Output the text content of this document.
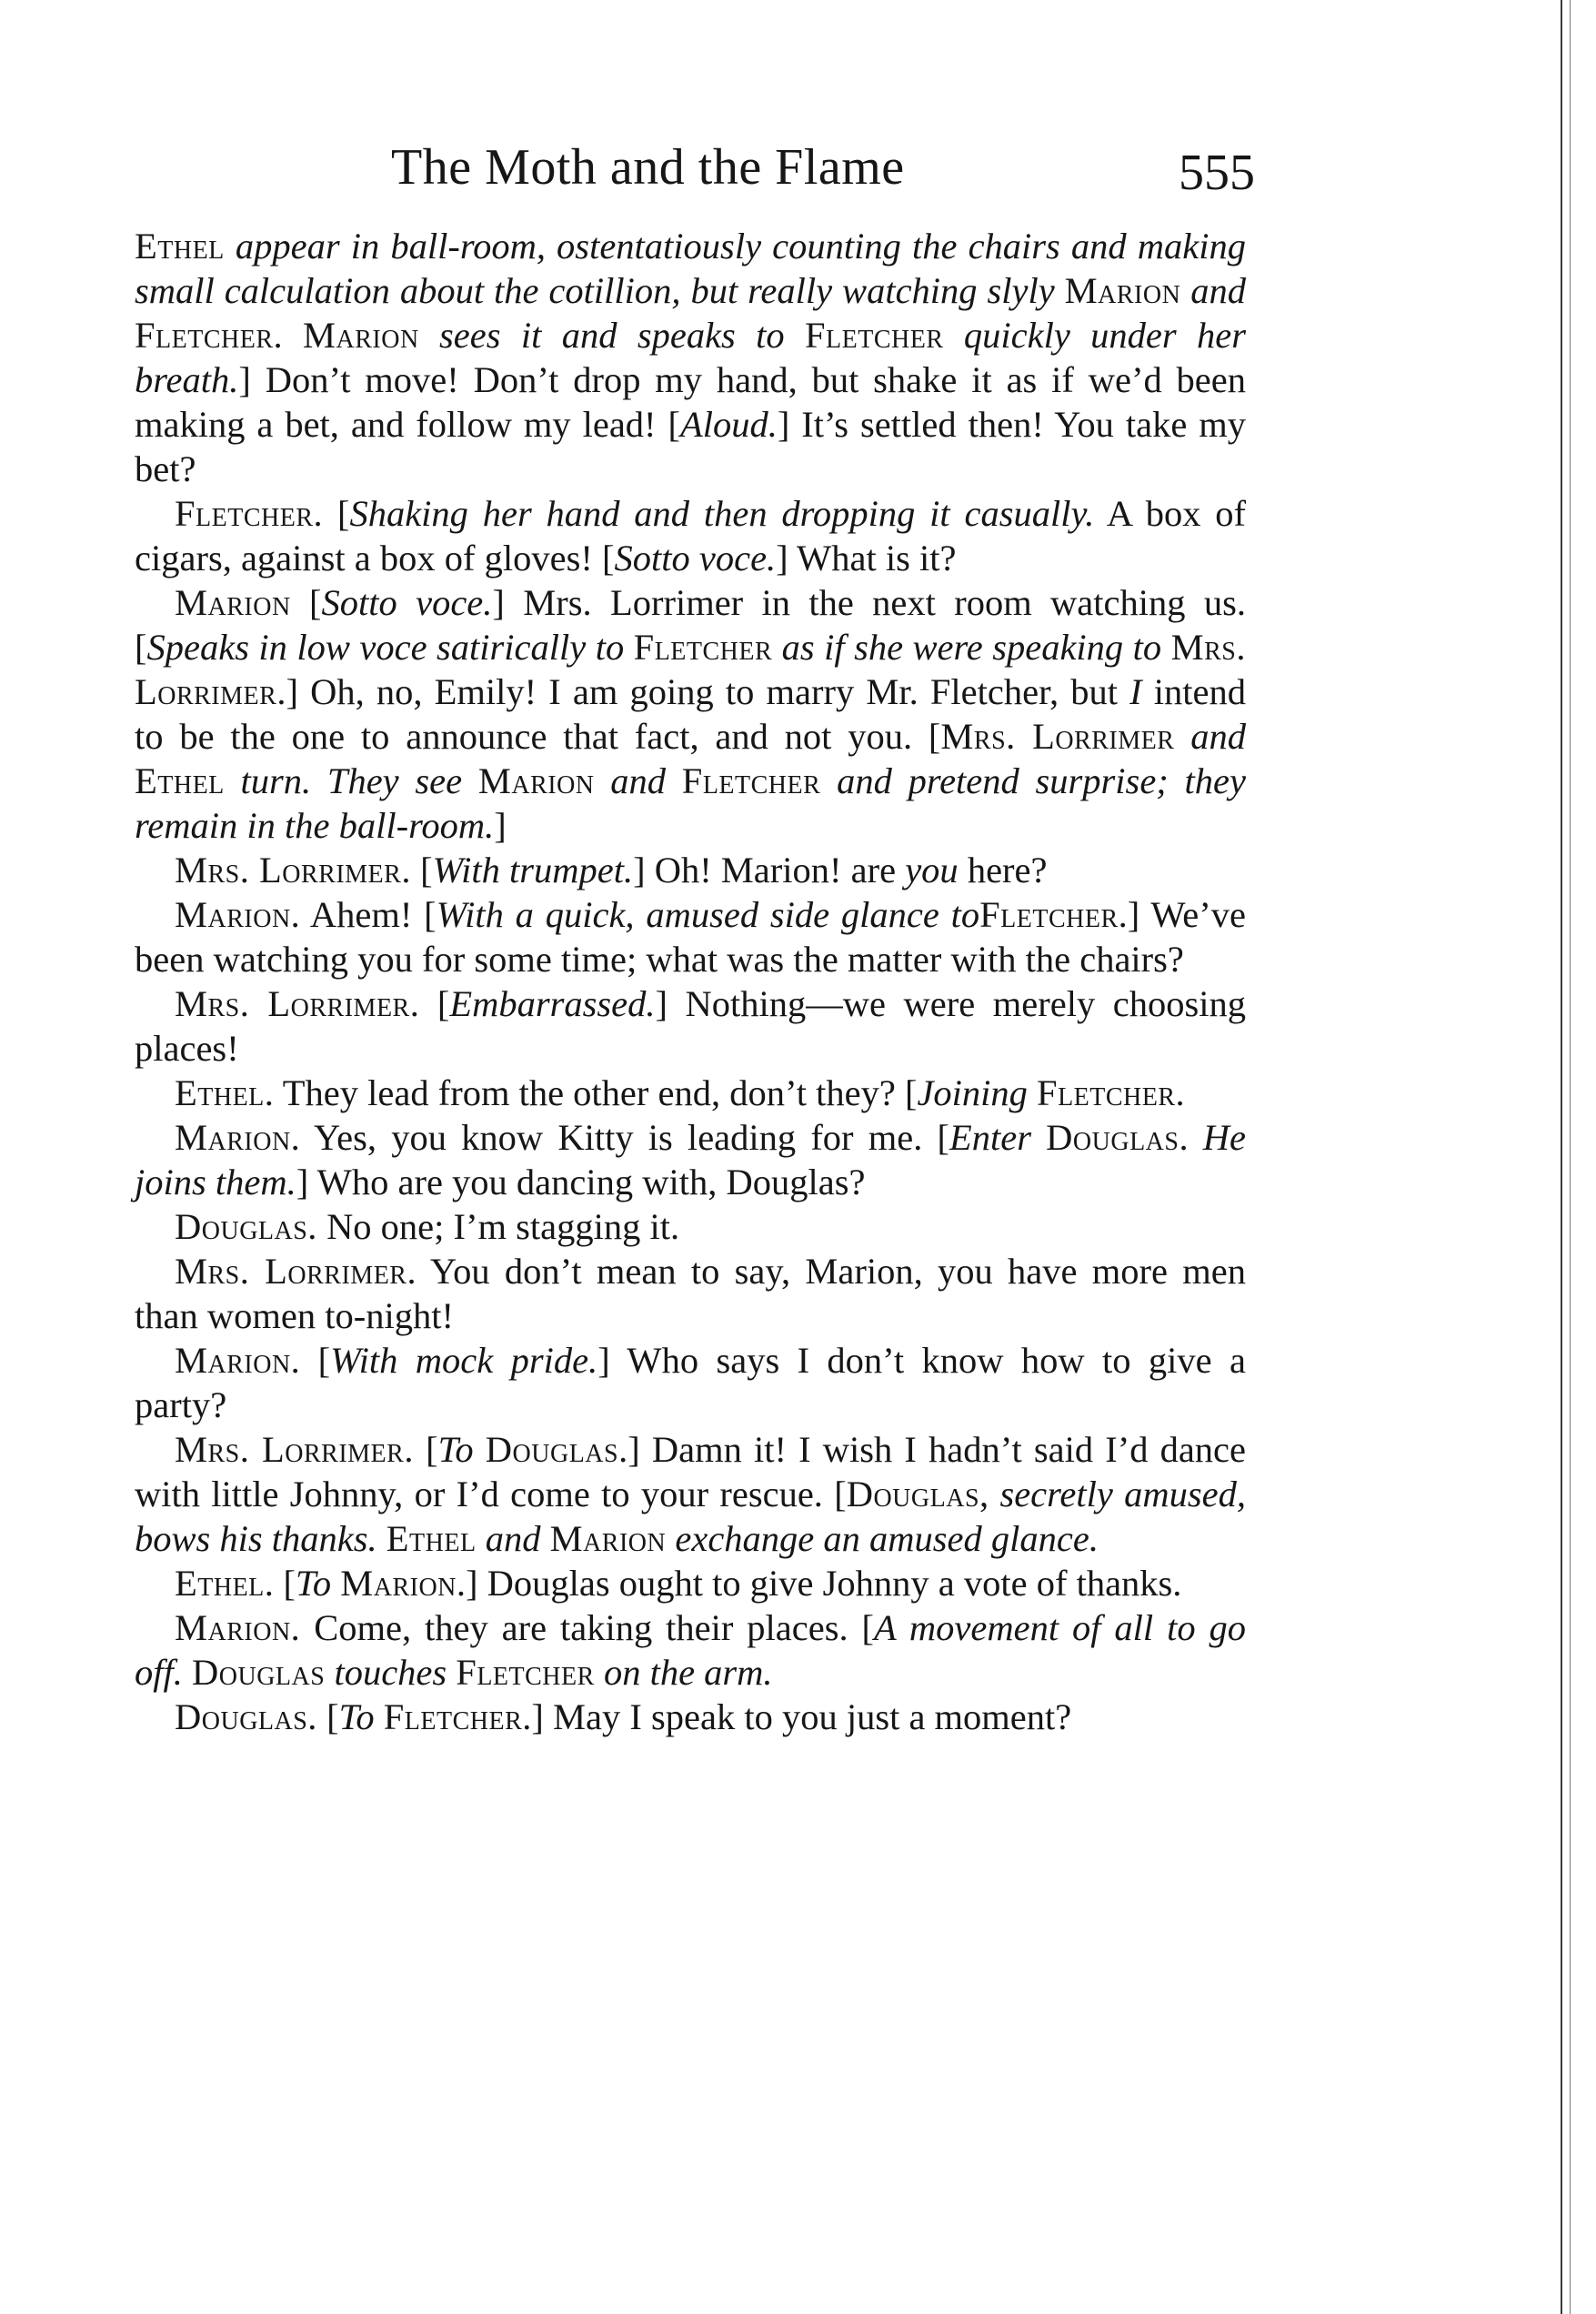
The Moth and the Flame	555

Ethel appear in ball-room, ostentatiously counting the chairs and making small calculation about the cotillion, but really watching slyly Marion and Fletcher. Marion sees it and speaks to Fletcher quickly under her breath.] Don’t move! Don’t drop my hand, but shake it as if we’d been making a bet, and follow my lead! [Aloud.] It’s settled then! You take my bet?

Fletcher. [Shaking her hand and then dropping it casually. A box of cigars, against a box of gloves! [Sotto voce.] What is it?

Marion [Sotto voce.] Mrs. Lorrimer in the next room watching us. [Speaks in low voce satirically to Fletcher as if she were speaking to Mrs. Lorrimer.] Oh, no, Emily! I am going to marry Mr. Fletcher, but I intend to be the one to announce that fact, and not you. [Mrs. Lorrimer and Ethel turn. They see Marion and Fletcher and pretend surprise; they remain in the ball-room.]

Mrs. Lorrimer. [With trumpet.] Oh! Marion! are you here?

Marion. Ahem! [With a quick, amused side glance toFletcher.] We’ve been watching you for some time; what was the matter with the chairs?

Mrs. Lorrimer. [Embarrassed.] Nothing—we were merely choosing places!

Ethel. They lead from the other end, don’t they? [Joining Fletcher.

Marion. Yes, you know Kitty is leading for me. [Enter Douglas. He joins them.] Who are you dancing with, Douglas?

Douglas. No one; I’m stagging it.

Mrs. Lorrimer. You don’t mean to say, Marion, you have more men than women to-night!

Marion. [With mock pride.] Who says I don’t know how to give a party?

Mrs. Lorrimer. [To Douglas.] Damn it! I wish I hadn’t said I’d dance with little Johnny, or I’d come to your rescue. [Douglas, secretly amused, bows his thanks. Ethel and Marion exchange an amused glance.

Ethel. [To Marion.] Douglas ought to give Johnny a vote of thanks.

Marion. Come, they are taking their places. [A movement of all to go off. Douglas touches Fletcher on the arm.

Douglas. [To Fletcher.] May I speak to you just a moment?
